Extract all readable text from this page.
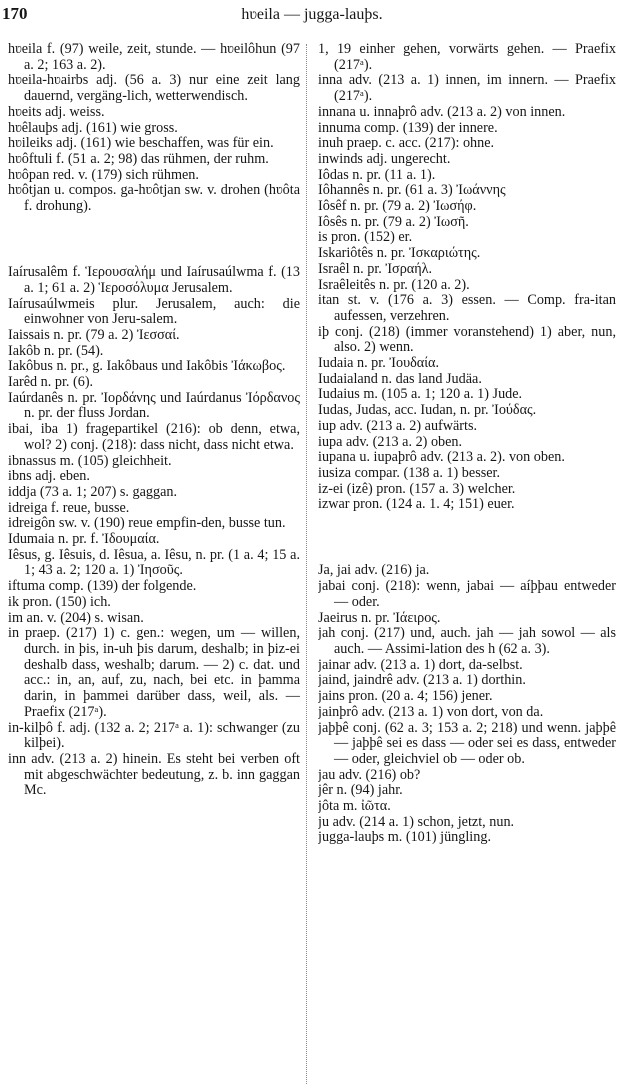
170	hʋeila — jugga-lauþs.

hʋeila f. (97) weile, zeit, stunde. — hʋeilôhun (97 a. 2; 163 a. 2).

hʋeila-hʋairbs adj. (56 a. 3) nur eine zeit lang dauernd, vergäng-lich, wetterwendisch.

hʋeits adj. weiss.

hʋêlauþs adj. (161) wie gross.

hʋileiks adj. (161) wie beschaffen, was für ein.

hʋôftuli f. (51 a. 2; 98) das rühmen, der ruhm.

hʋôpan red. v. (179) sich rühmen.

hʋôtjan u. compos. ga-hʋôtjan sw. v. drohen (hʋôta f. drohung).

Iaírusalêm f. Ἱερουσαλήμ und Iaírusaúlwma f. (13 a. 1; 61 a. 2) Ἱεροσόλυμα Jerusalem.

Iaírusaúlwmeis plur. Jerusalem, auch: die einwohner von Jeru-salem.

Iaissais n. pr. (79 a. 2) Ἰεσσαί.

Iakôb n. pr. (54).

Iakôbus n. pr., g. Iakôbaus und Iakôbis Ἰάκωβος.

Iarêd n. pr. (6).

Iaúrdanês n. pr. Ἰορδάνης und Iaúrdanus Ἰόρδανος n. pr. der fluss Jordan.

ibai, iba 1) fragepartikel (216): ob denn, etwa, wol? 2) conj. (218): dass nicht, dass nicht etwa.

ibnassus m. (105) gleichheit.

ibns adj. eben.

iddja (73 a. 1; 207) s. gaggan.

idreiga f. reue, busse.

idreigôn sw. v. (190) reue empfin-den, busse tun.

Idumaia n. pr. f. Ἰδουμαία.

Iêsus, g. Iêsuis, d. Iêsua, a. Iêsu, n. pr. (1 a. 4; 15 a. 1; 43 a. 2; 120 a. 1) Ἰησοῦς.

iftuma comp. (139) der folgende.

ik pron. (150) ich.

im an. v. (204) s. wisan.

in praep. (217) 1) c. gen.: wegen, um — willen, durch. in þis, in-uh þis darum, deshalb; in þiz-ei deshalb dass, weshalb; darum. — 2) c. dat. und acc.: in, an, auf, zu, nach, bei etc. in þamma darin, in þammei darüber dass, weil, als. — Praefix (217ᵃ).

in-kilþô f. adj. (132 a. 2; 217ᵃ a. 1): schwanger (zu kilþei).

inn adv. (213 a. 2) hinein. Es steht bei verben oft mit abgeschwächter bedeutung, z. b. inn gaggan Mc.

1, 19 einher gehen, vorwärts gehen. — Praefix (217ᵃ).

inna adv. (213 a. 1) innen, im innern. — Praefix (217ᵃ).

innana u. innaþrô adv. (213 a. 2) von innen.

innuma comp. (139) der innere.

inuh praep. c. acc. (217): ohne.

inwinds adj. ungerecht.

Iôdas n. pr. (11 a. 1).

Iôhannês n. pr. (61 a. 3) Ἰωάννης

Iôsêf n. pr. (79 a. 2) Ἰωσήφ.

Iôsês n. pr. (79 a. 2) Ἰωσῆ.

is pron. (152) er.

Iskariôtês n. pr. Ἰσκαριώτης.

Israêl n. pr. Ἰσραήλ.

Israêleitês n. pr. (120 a. 2).

itan st. v. (176 a. 3) essen. — Comp. fra-itan aufessen, verzehren.

iþ conj. (218) (immer voranstehend) 1) aber, nun, also. 2) wenn.

Iudaia n. pr. Ἰουδαία.

Iudaialand n. das land Judäa.

Iudaius m. (105 a. 1; 120 a. 1) Jude.

Iudas, Judas, acc. Iudan, n. pr. Ἰούδας.

iup adv. (213 a. 2) aufwärts.

iupa adv. (213 a. 2) oben.

iupana u. iupaþrô adv. (213 a. 2). von oben.

iusiza compar. (138 a. 1) besser.

iz-ei (izê) pron. (157 a. 3) welcher.

izwar pron. (124 a. 1. 4; 151) euer.

Ja, jai adv. (216) ja.

jabai conj. (218): wenn, jabai — aíþþau entweder — oder.

Jaeirus n. pr. Ἰάειρος.

jah conj. (217) und, auch. jah — jah sowol — als auch. — Assimi-lation des h (62 a. 3).

jainar adv. (213 a. 1) dort, da-selbst.

jaind, jaindrê adv. (213 a. 1) dorthin.

jains pron. (20 a. 4; 156) jener.

jainþrô adv. (213 a. 1) von dort, von da.

jaþþê conj. (62 a. 3; 153 a. 2; 218) und wenn. jaþþê — jaþþê sei es dass — oder sei es dass, entweder — oder, gleichviel ob — oder ob.

jau adv. (216) ob?

jêr n. (94) jahr.

jôta m. ἰῶτα.

ju adv. (214 a. 1) schon, jetzt, nun.

jugga-lauþs m. (101) jüngling.
